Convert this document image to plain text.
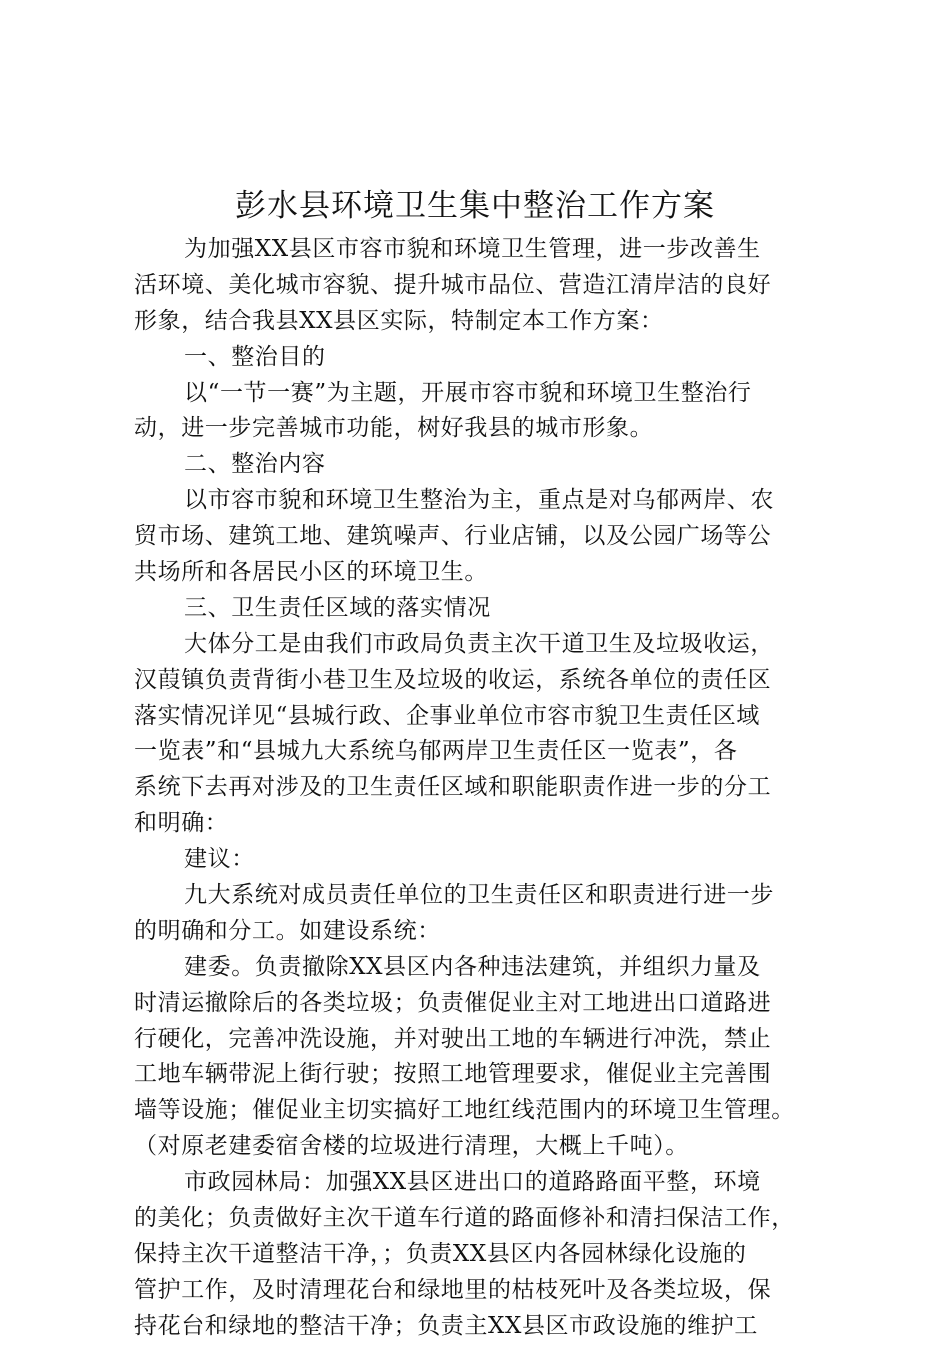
彭水县环境卫生集中整治工作方案
为加强XX县区市容市貌和环境卫生管理，进一步改善生
活环境、美化城市容貌、提升城市品位、营造江清岸洁的良好
形象，结合我县XX县区实际，特制定本工作方案：
一、整治目的
以“一节一赛”为主题，开展市容市貌和环境卫生整治行
动，进一步完善城市功能，树好我县的城市形象。
二、整治内容
以市容市貌和环境卫生整治为主，重点是对乌郁两岸、农
贸市场、建筑工地、建筑噪声、行业店铺，以及公园广场等公
共场所和各居民小区的环境卫生。
三、卫生责任区域的落实情况
大体分工是由我们市政局负责主次干道卫生及垃圾收运，
汉葭镇负责背街小巷卫生及垃圾的收运，系统各单位的责任区
落实情况详见“县城行政、企事业单位市容市貌卫生责任区域
一览表”和“县城九大系统乌郁两岸卫生责任区一览表”，各
系统下去再对涉及的卫生责任区域和职能职责作进一步的分工
和明确：
建议：
九大系统对成员责任单位的卫生责任区和职责进行进一步
的明确和分工。如建设系统：
建委。负责撤除XX县区内各种违法建筑，并组织力量及
时清运撤除后的各类垃圾；负责催促业主对工地进出口道路进
行硬化，完善冲洗设施，并对驶出工地的车辆进行冲洗，禁止
工地车辆带泥上街行驶；按照工地管理要求，催促业主完善围
墙等设施；催促业主切实搞好工地红线范围内的环境卫生管理。
（对原老建委宿舍楼的垃圾进行清理，大概上千吨）。
市政园林局：加强XX县区进出口的道路路面平整，环境
的美化；负责做好主次干道车行道的路面修补和清扫保洁工作，
保持主次干道整洁干净，；负责XX县区内各园林绿化设施的
管护工作，及时清理花台和绿地里的枯枝死叶及各类垃圾，保
持花台和绿地的整洁干净；负责主XX县区市政设施的维护工
